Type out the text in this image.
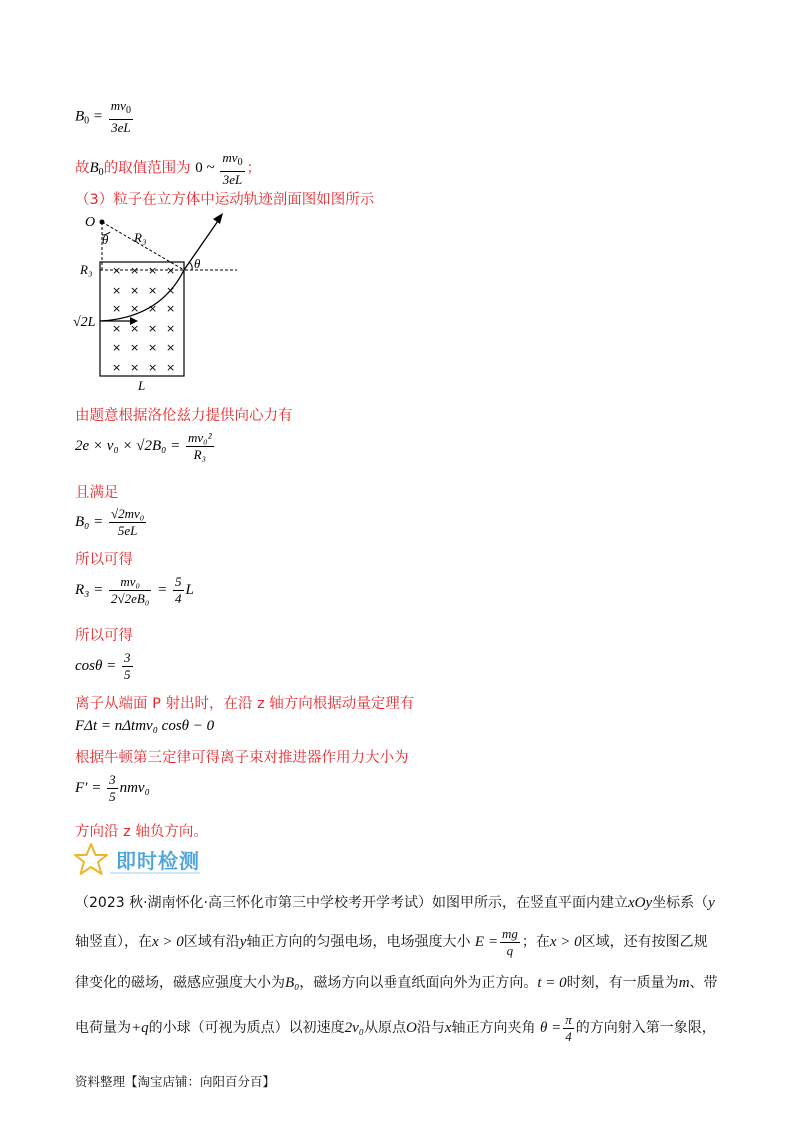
$B_0 = \frac{mv_0}{3eL}$
故$B_0$的取值范围为 0 ~ $\frac{mv_0}{3eL}$ ；
（3）粒子在立方体中运动轨迹剖面图如图所示
O
θ R₃
R₃ × × × ×
× × × ×
× × × ×
× × × ×
× × × ×
× × × ×
√2L
θ
L
由题意根据洛伦兹力提供向心力有
$2e \times v_0 \times √2B_0 = \frac{\text{mv₀²}}{\text{R₃}}$
且满足
$B_0 = \frac{\text{√2mv₀}}{5eL}$
所以可得
$R_3 = \frac{\text{mv₀}}{\text{2√2eB₀}} = \frac{5}{4}$ L
所以可得
$\cos\theta = \frac{3}{5}$
离子从端面 P 射出时，在沿 z 轴方向根据动量定理有
FΔt = nΔtmv₀ cosθ − 0
根据牛顿第三定律可得离子束对推进器作用力大小为
$F' = \frac{3}{5} nmv_0$
方向沿 z 轴负方向。
即时检测
（2023 秋·湖南怀化·高三怀化市第三中学校考开学考试）如图甲所示，在竖直平面内建立xOy坐标系（y
轴竖直），在x > 0区域有沿y轴正方向的匀强电场，电场强度大小 $E = \frac{mg}{q}$ ；在x > 0区域，还有按图乙规
律变化的磁场，磁感应强度大小为B₀，磁场方向以垂直纸面向外为正方向。t = 0时刻，有一质量为m、带
电荷量为+q的小球（可视为质点）以初速度2v₀从原点O沿与x轴正方向夹角 $\theta = \frac{\pi}{4}$ 的方向射入第一象限，
资料整理【淘宝店铺：向阳百分百】
